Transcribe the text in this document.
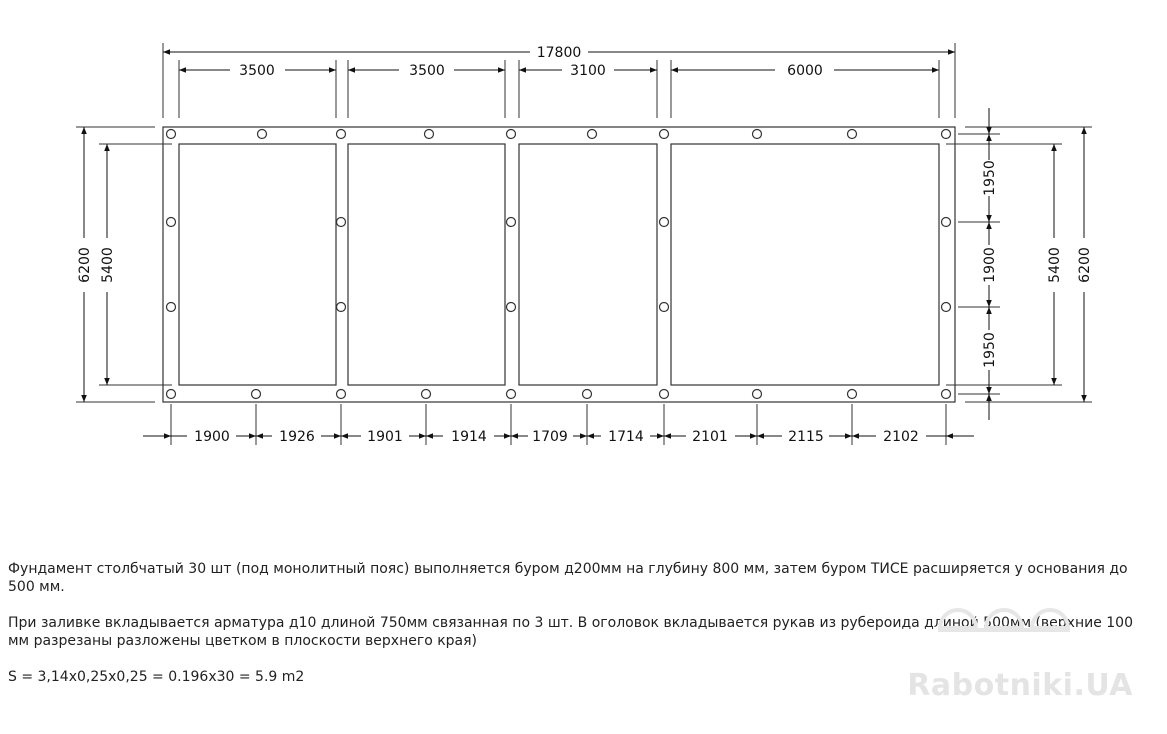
17800
3500	3500	3100	6000
1900	1926	1901	1914	1709	1714	2101	2115	2102
6200 5400
1950
1900
1950
5400 6200

Фундамент столбчатый 30 шт (под монолитный пояс) выполняется буром д200мм на глубину 800 мм, затем буром ТИСЕ расширяется у основания до 500 мм.

При заливке вкладывается арматура д10 длиной 750мм связанная по 3 шт. В оголовок вкладывается рукав из рубероида длиной 500мм (верхние 100 мм разрезаны разложены цветком в плоскости верхнего края)

S = 3,14х0,25х0,25 = 0.196х30 = 5.9 m2	Rabotniki.UA
